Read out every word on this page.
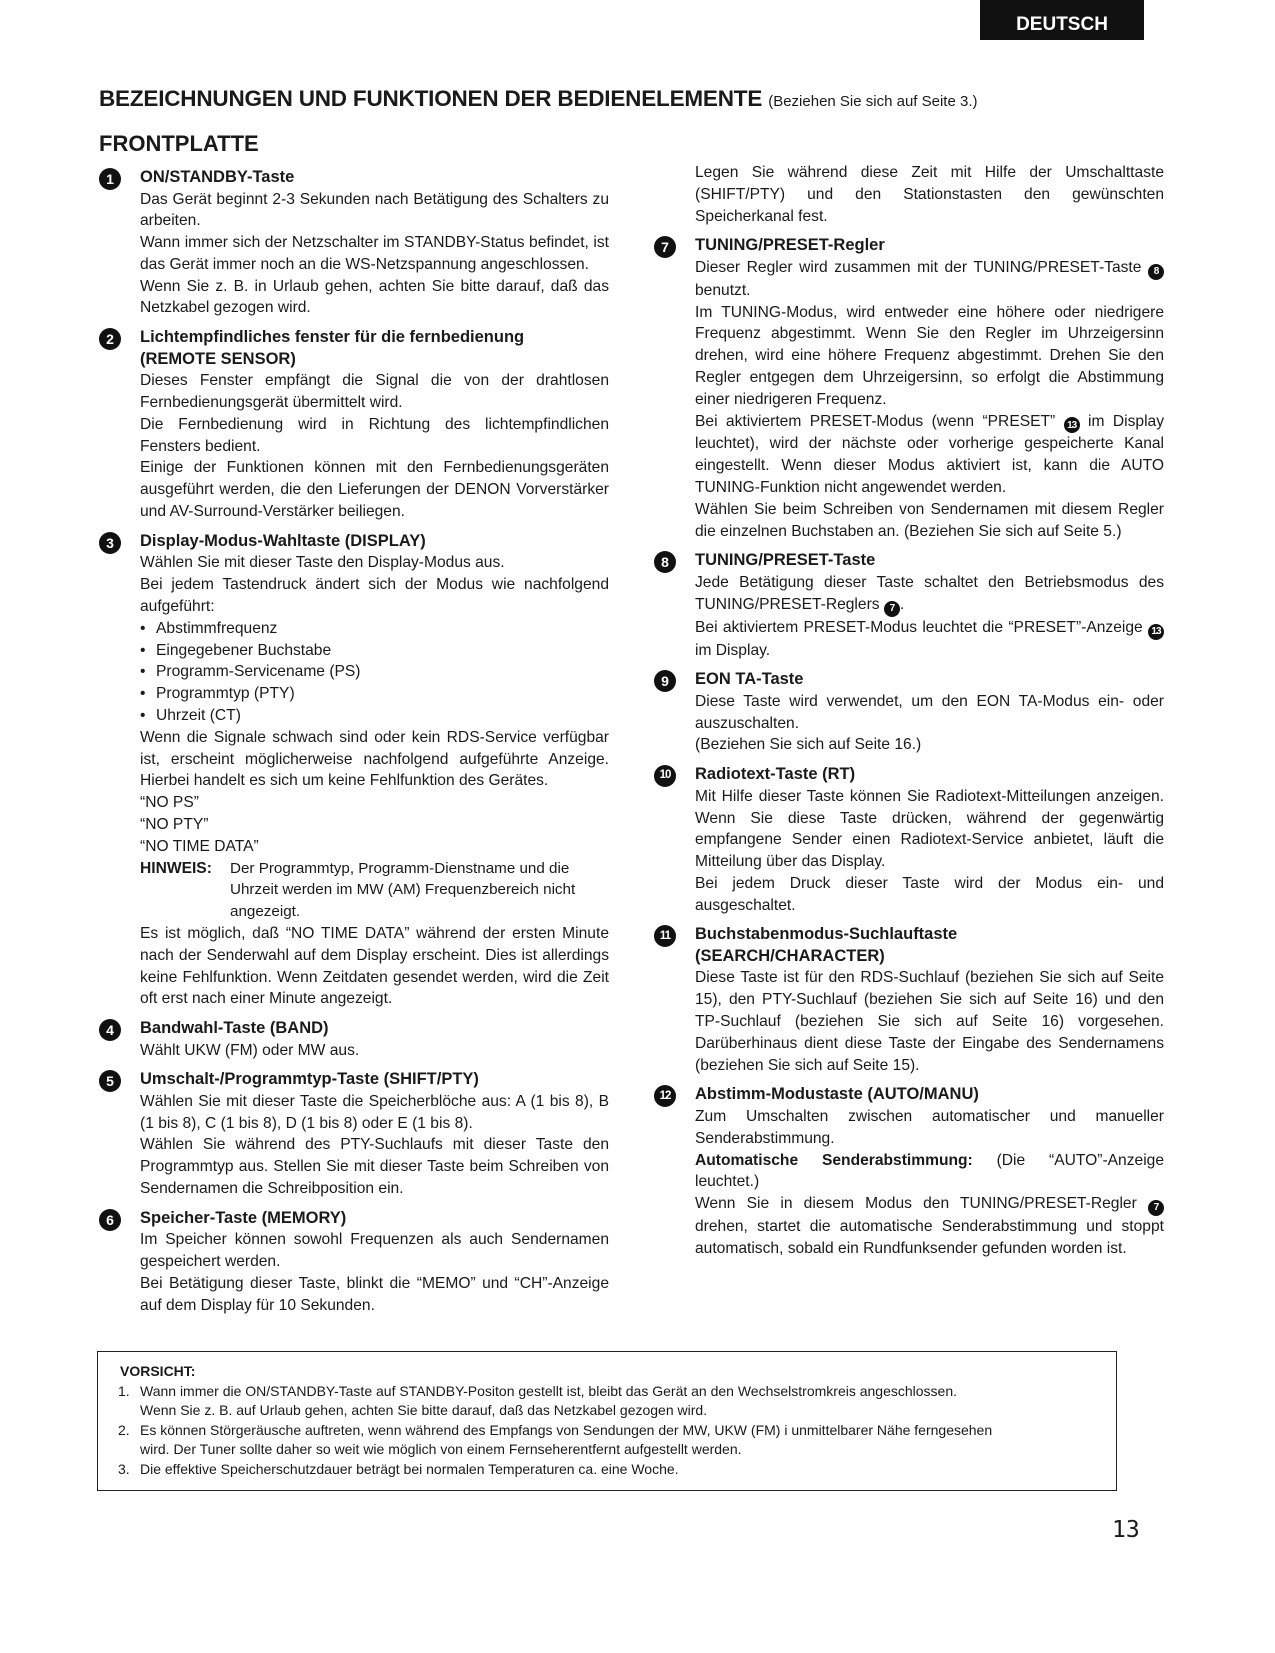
DEUTSCH
BEZEICHNUNGEN UND FUNKTIONEN DER BEDIENELEMENTE (Beziehen Sie sich auf Seite 3.)
FRONTPLATTE
1	ON/STANDBY-Taste
Das Gerät beginnt 2-3 Sekunden nach Betätigung des Schalters zu arbeiten.
Wann immer sich der Netzschalter im STANDBY-Status befindet, ist das Gerät immer noch an die WS-Netzspannung angeschlossen.
Wenn Sie z. B. in Urlaub gehen, achten Sie bitte darauf, daß das Netzkabel gezogen wird.
2	Lichtempfindliches fenster für die fernbedienung
(REMOTE SENSOR)
Dieses Fenster empfängt die Signal die von der drahtlosen Fernbedienungsgerät übermittelt wird.
Die Fernbedienung wird in Richtung des lichtempfindlichen Fensters bedient.
Einige der Funktionen können mit den Fernbedienungsgeräten ausgeführt werden, die den Lieferungen der DENON Vorverstärker und AV-Surround-Verstärker beiliegen.
3	Display-Modus-Wahltaste (DISPLAY)
Wählen Sie mit dieser Taste den Display-Modus aus.
Bei jedem Tastendruck ändert sich der Modus wie nachfolgend aufgeführt:
• Abstimmfrequenz
• Eingegebener Buchstabe
• Programm-Servicename (PS)
• Programmtyp (PTY)
• Uhrzeit (CT)
Wenn die Signale schwach sind oder kein RDS-Service verfügbar ist, erscheint möglicherweise nachfolgend aufgeführte Anzeige. Hierbei handelt es sich um keine Fehlfunktion des Gerätes.
“NO PS”
“NO PTY”
“NO TIME DATA”
HINWEIS:	Der Programmtyp, Programm-Dienstname und die Uhrzeit werden im MW (AM) Frequenzbereich nicht angezeigt.
Es ist möglich, daß “NO TIME DATA” während der ersten Minute nach der Senderwahl auf dem Display erscheint. Dies ist allerdings keine Fehlfunktion. Wenn Zeitdaten gesendet werden, wird die Zeit oft erst nach einer Minute angezeigt.
4	Bandwahl-Taste (BAND)
Wählt UKW (FM) oder MW aus.
5	Umschalt-/Programmtyp-Taste (SHIFT/PTY)
Wählen Sie mit dieser Taste die Speicherblöche aus: A (1 bis 8), B (1 bis 8), C (1 bis 8), D (1 bis 8) oder E (1 bis 8).
Wählen Sie während des PTY-Suchlaufs mit dieser Taste den Programmtyp aus. Stellen Sie mit dieser Taste beim Schreiben von Sendernamen die Schreibposition ein.
6	Speicher-Taste (MEMORY)
Im Speicher können sowohl Frequenzen als auch Sendernamen gespeichert werden.
Bei Betätigung dieser Taste, blinkt die “MEMO” und “CH”-Anzeige auf dem Display für 10 Sekunden.
Legen Sie während diese Zeit mit Hilfe der Umschalttaste (SHIFT/PTY) und den Stationstasten den gewünschten Speicherkanal fest.
7	TUNING/PRESET-Regler
Dieser Regler wird zusammen mit der TUNING/PRESET-Taste 8 benutzt.
Im TUNING-Modus, wird entweder eine höhere oder niedrigere Frequenz abgestimmt. Wenn Sie den Regler im Uhrzeigersinn drehen, wird eine höhere Frequenz abgestimmt. Drehen Sie den Regler entgegen dem Uhrzeigersinn, so erfolgt die Abstimmung einer niedrigeren Frequenz.
Bei aktiviertem PRESET-Modus (wenn “PRESET” 13 im Display leuchtet), wird der nächste oder vorherige gespeicherte Kanal eingestellt. Wenn dieser Modus aktiviert ist, kann die AUTO TUNING-Funktion nicht angewendet werden.
Wählen Sie beim Schreiben von Sendernamen mit diesem Regler die einzelnen Buchstaben an. (Beziehen Sie sich auf Seite 5.)
8	TUNING/PRESET-Taste
Jede Betätigung dieser Taste schaltet den Betriebsmodus des TUNING/PRESET-Reglers 7 .
Bei aktiviertem PRESET-Modus leuchtet die “PRESET”-Anzeige 13 im Display.
9	EON TA-Taste
Diese Taste wird verwendet, um den EON TA-Modus ein- oder auszuschalten.
(Beziehen Sie sich auf Seite 16.)
10	Radiotext-Taste (RT)
Mit Hilfe dieser Taste können Sie Radiotext-Mitteilungen anzeigen. Wenn Sie diese Taste drücken, während der gegenwärtig empfangene Sender einen Radiotext-Service anbietet, läuft die Mitteilung über das Display.
Bei jedem Druck dieser Taste wird der Modus ein- und ausgeschaltet.
11	Buchstabenmodus-Suchlauftaste
(SEARCH/CHARACTER)
Diese Taste ist für den RDS-Suchlauf (beziehen Sie sich auf Seite 15), den PTY-Suchlauf (beziehen Sie sich auf Seite 16) und den TP-Suchlauf (beziehen Sie sich auf Seite 16) vorgesehen. Darüberhinaus dient diese Taste der Eingabe des Sendernamens (beziehen Sie sich auf Seite 15).
12	Abstimm-Modustaste (AUTO/MANU)
Zum Umschalten zwischen automatischer und manueller Senderabstimmung.
Automatische Senderabstimmung: (Die “AUTO”-Anzeige leuchtet.)
Wenn Sie in diesem Modus den TUNING/PRESET-Regler 7 drehen, startet die automatische Senderabstimmung und stoppt automatisch, sobald ein Rundfunksender gefunden worden ist.
VORSICHT:
1. Wann immer die ON/STANDBY-Taste auf STANDBY-Positon gestellt ist, bleibt das Gerät an den Wechselstromkreis angeschlossen.
Wenn Sie z. B. auf Urlaub gehen, achten Sie bitte darauf, daß das Netzkabel gezogen wird.
2. Es können Störgeräusche auftreten, wenn während des Empfangs von Sendungen der MW, UKW (FM) i unmittelbarer Nähe ferngesehen
wird. Der Tuner sollte daher so weit wie möglich von einem Fernseherentfernt aufgestellt werden.
3. Die effektive Speicherschutzdauer beträgt bei normalen Temperaturen ca. eine Woche.
13
